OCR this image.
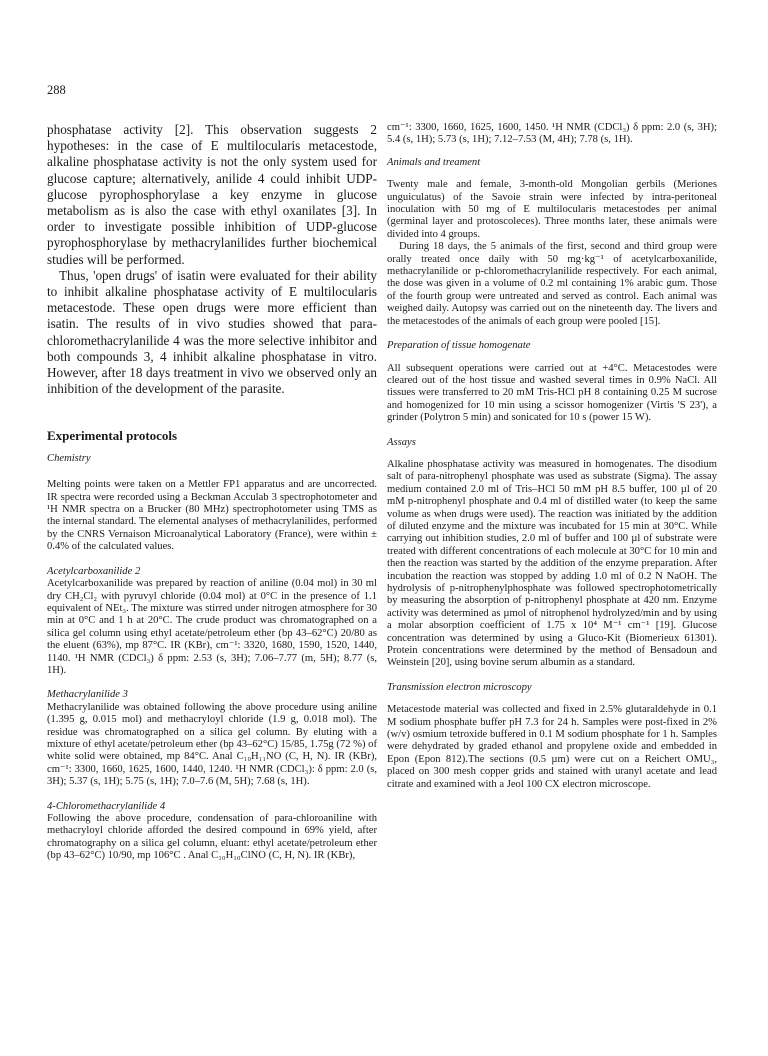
288

phosphatase activity [2]. This observation suggests 2 hypotheses: in the case of E multilocularis metacestode, alkaline phosphatase activity is not the only system used for glucose capture; alternatively, anilide 4 could inhibit UDP-glucose pyrophosphorylase a key enzyme in glucose metabolism as is also the case with ethyl oxanilates [3]. In order to investigate possible inhibition of UDP-glucose pyrophosphorylase by methacrylanilides further biochemical studies will be performed.

Thus, 'open drugs' of isatin were evaluated for their ability to inhibit alkaline phosphatase activity of E multilocularis metacestode. These open drugs were more efficient than isatin. The results of in vivo studies showed that para-chloromethacrylanilide 4 was the more selective inhibitor and both compounds 3, 4 inhibit alkaline phosphatase in vitro. However, after 18 days treatment in vivo we observed only an inhibition of the development of the parasite.

Experimental protocols

Chemistry

Melting points were taken on a Mettler FP1 apparatus and are uncorrected. IR spectra were recorded using a Beckman Acculab 3 spectrophotometer and ¹H NMR spectra on a Brucker (80 MHz) spectrophotometer using TMS as the internal standard. The elemental analyses of methacrylanilides, performed by the CNRS Vernaison Microanalytical Laboratory (France), were within ± 0.4% of the calculated values.

Acetylcarboxanilide 2

Acetylcarboxanilide was prepared by reaction of aniline (0.04 mol) in 30 ml dry CH₂Cl₂ with pyruvyl chloride (0.04 mol) at 0°C in the presence of 1.1 equivalent of NEt₃. The mixture was stirred under nitrogen atmosphere for 30 min at 0°C and 1 h at 20°C. The crude product was chromatographed on a silica gel column using ethyl acetate/petroleum ether (bp 43–62°C) 20/80 as the eluent (63%), mp 87°C. IR (KBr), cm⁻¹: 3320, 1680, 1590, 1520, 1440, 1140. ¹H NMR (CDCl₃) δ ppm: 2.53 (s, 3H); 7.06–7.77 (m, 5H); 8.77 (s, 1H).

Methacrylanilide 3

Methacrylanilide was obtained following the above procedure using aniline (1.395 g, 0.015 mol) and methacryloyl chloride (1.9 g, 0.018 mol). The residue was chromatographed on a silica gel column. By eluting with a mixture of ethyl acetate/petroleum ether (bp 43–62°C) 15/85, 1.75g (72 %) of white solid were obtained, mp 84°C. Anal C₁₀H₁₁NO (C, H, N). IR (KBr), cm⁻¹: 3300, 1660, 1625, 1600, 1440, 1240. ¹H NMR (CDCl₃): δ ppm: 2.0 (s, 3H); 5.37 (s, 1H); 5.75 (s, 1H); 7.0–7.6 (M, 5H); 7.68 (s, 1H).

4-Chloromethacrylanilide 4

Following the above procedure, condensation of para-chloroaniline with methacryloyl chloride afforded the desired compound in 69% yield, after chromatography on a silica gel column, eluant: ethyl acetate/petroleum ether (bp 43–62°C) 10/90, mp 106°C . Anal C₁₀H₁₀ClNO (C, H, N). IR (KBr),

cm⁻¹: 3300, 1660, 1625, 1600, 1450. ¹H NMR (CDCl₃) δ ppm: 2.0 (s, 3H); 5.4 (s, 1H); 5.73 (s, 1H); 7.12–7.53 (M, 4H); 7.78 (s, 1H).

Animals and treament

Twenty male and female, 3-month-old Mongolian gerbils (Meriones unguiculatus) of the Savoie strain were infected by intra-peritoneal inoculation with 50 mg of E multilocularis metacestodes per animal (germinal layer and protoscoleces). Three months later, these animals were divided into 4 groups.

During 18 days, the 5 animals of the first, second and third group were orally treated once daily with 50 mg·kg⁻¹ of acetylcarboxanilide, methacrylanilide or p-chloromethacrylanilide respectively. For each animal, the dose was given in a volume of 0.2 ml containing 1% arabic gum. Those of the fourth group were untreated and served as control. Each animal was weighed daily. Autopsy was carried out on the nineteenth day. The livers and the metacestodes of the animals of each group were pooled [15].

Preparation of tissue homogenate

All subsequent operations were carried out at +4°C. Metacestodes were cleared out of the host tissue and washed several times in 0.9% NaCl. All tissues were transferred to 20 mM Tris-HCl pH 8 containing 0.25 M sucrose and homogenized for 10 min using a scissor homogenizer (Virtis 'S 23'), a grinder (Polytron 5 min) and sonicated for 10 s (power 15 W).

Assays

Alkaline phosphatase activity was measured in homogenates. The disodium salt of para-nitrophenyl phosphate was used as substrate (Sigma). The assay medium contained 2.0 ml of Tris–HCl 50 mM pH 8.5 buffer, 100 µl of 20 mM p-nitrophenyl phosphate and 0.4 ml of distilled water (to keep the same volume as when drugs were used). The reaction was initiated by the addition of diluted enzyme and the mixture was incubated for 15 min at 30°C. While carrying out inhibition studies, 2.0 ml of buffer and 100 µl of substrate were treated with different concentrations of each molecule at 30°C for 10 min and then the reaction was started by the addition of the enzyme preparation. After incubation the reaction was stopped by adding 1.0 ml of 0.2 N NaOH. The hydrolysis of p-nitrophenylphosphate was followed spectrophotometrically by measuring the absorption of p-nitrophenyl phosphate at 420 nm. Enzyme activity was determined as µmol of nitrophenol hydrolyzed/min and by using a molar absorption coefficient of 1.75 x 10⁴ M⁻¹ cm⁻¹ [19]. Glucose concentration was determined by using a Gluco-Kit (Biomerieux 61301). Protein concentrations were determined by the method of Bensadoun and Weinstein [20], using bovine serum albumin as a standard.

Transmission electron microscopy

Metacestode material was collected and fixed in 2.5% glutaraldehyde in 0.1 M sodium phosphate buffer pH 7.3 for 24 h. Samples were post-fixed in 2% (w/v) osmium tetroxide buffered in 0.1 M sodium phosphate for 1 h. Samples were dehydrated by graded ethanol and propylene oxide and embedded in Epon (Epon 812).The sections (0.5 µm) were cut on a Reichert OMU₃, placed on 300 mesh copper grids and stained with uranyl acetate and lead citrate and examined with a Jeol 100 CX electron microscope.
